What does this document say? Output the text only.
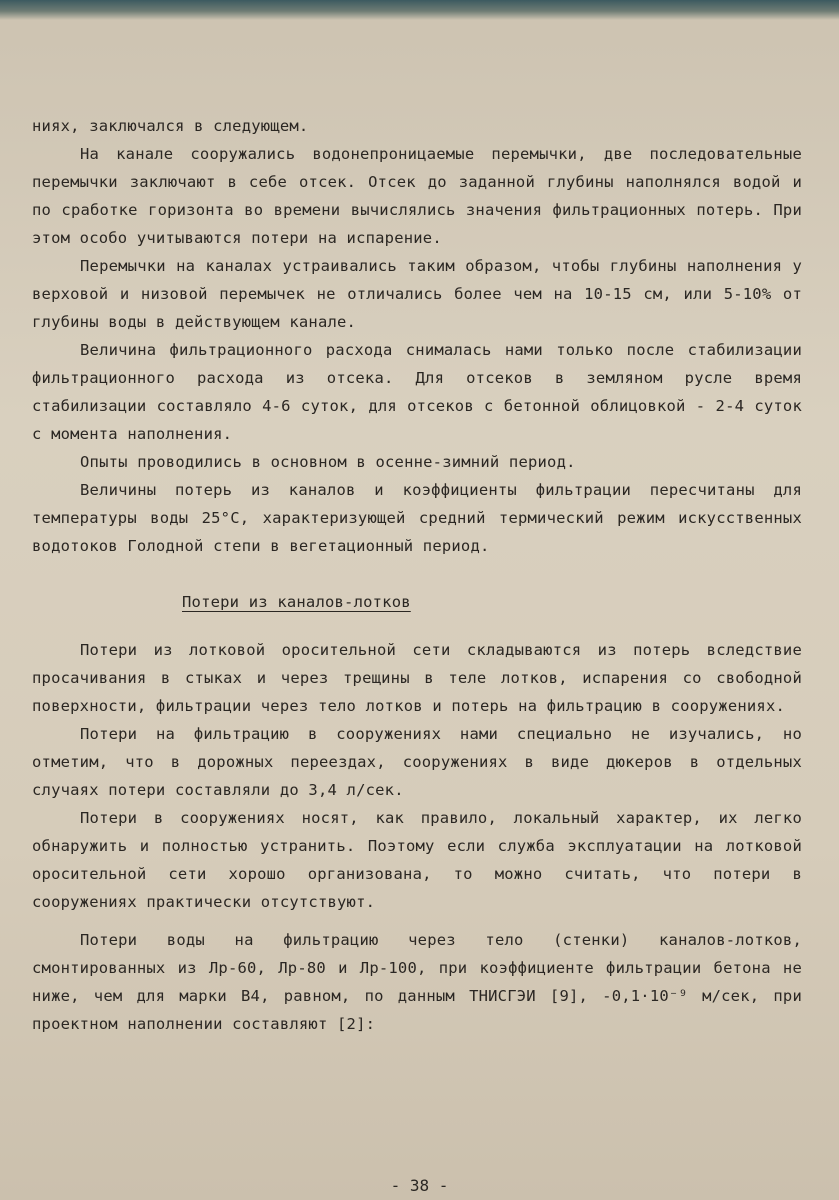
ниях, заключался в следующем.

На канале сооружались водонепроницаемые перемычки, две последовательные перемычки заключают в себе отсек. Отсек до заданной глубины наполнялся водой и по сработке горизонта во времени вычислялись значения фильтрационных потерь. При этом особо учитываются потери на испарение.

Перемычки на каналах устраивались таким образом, чтобы глубины наполнения у верховой и низовой перемычек не отличались более чем на 10-15 см, или 5-10% от глубины воды в действующем канале.

Величина фильтрационного расхода снималась нами только после стабилизации фильтрационного расхода из отсека. Для отсеков в земляном русле время стабилизации составляло 4-6 суток, для отсеков с бетонной облицовкой - 2-4 суток с момента наполнения.

Опыты проводились в основном в осенне-зимний период.

Величины потерь из каналов и коэффициенты фильтрации пересчитаны для температуры воды 25°С, характеризующей средний термический режим искусственных водотоков Голодной степи в вегетационный период.

Потери из каналов-лотков

Потери из лотковой оросительной сети складываются из потерь вследствие просачивания в стыках и через трещины в теле лотков, испарения со свободной поверхности, фильтрации через тело лотков и потерь на фильтрацию в сооружениях.

Потери на фильтрацию в сооружениях нами специально не изучались, но отметим, что в дорожных переездах, сооружениях в виде дюкеров в отдельных случаях потери составляли до 3,4 л/сек.

Потери в сооружениях носят, как правило, локальный характер, их легко обнаружить и полностью устранить. Поэтому если служба эксплуатации на лотковой оросительной сети хорошо организована, то можно считать, что потери в сооружениях практически отсутствуют.

Потери воды на фильтрацию через тело (стенки) каналов-лотков, смонтированных из Лр-60, Лр-80 и Лр-100, при коэффициенте фильтрации бетона не ниже, чем для марки В4, равном, по данным ТНИСГЭИ [9], -0,1·10⁻⁹ м/сек, при проектном наполнении составляют [2]:

- 38 -
